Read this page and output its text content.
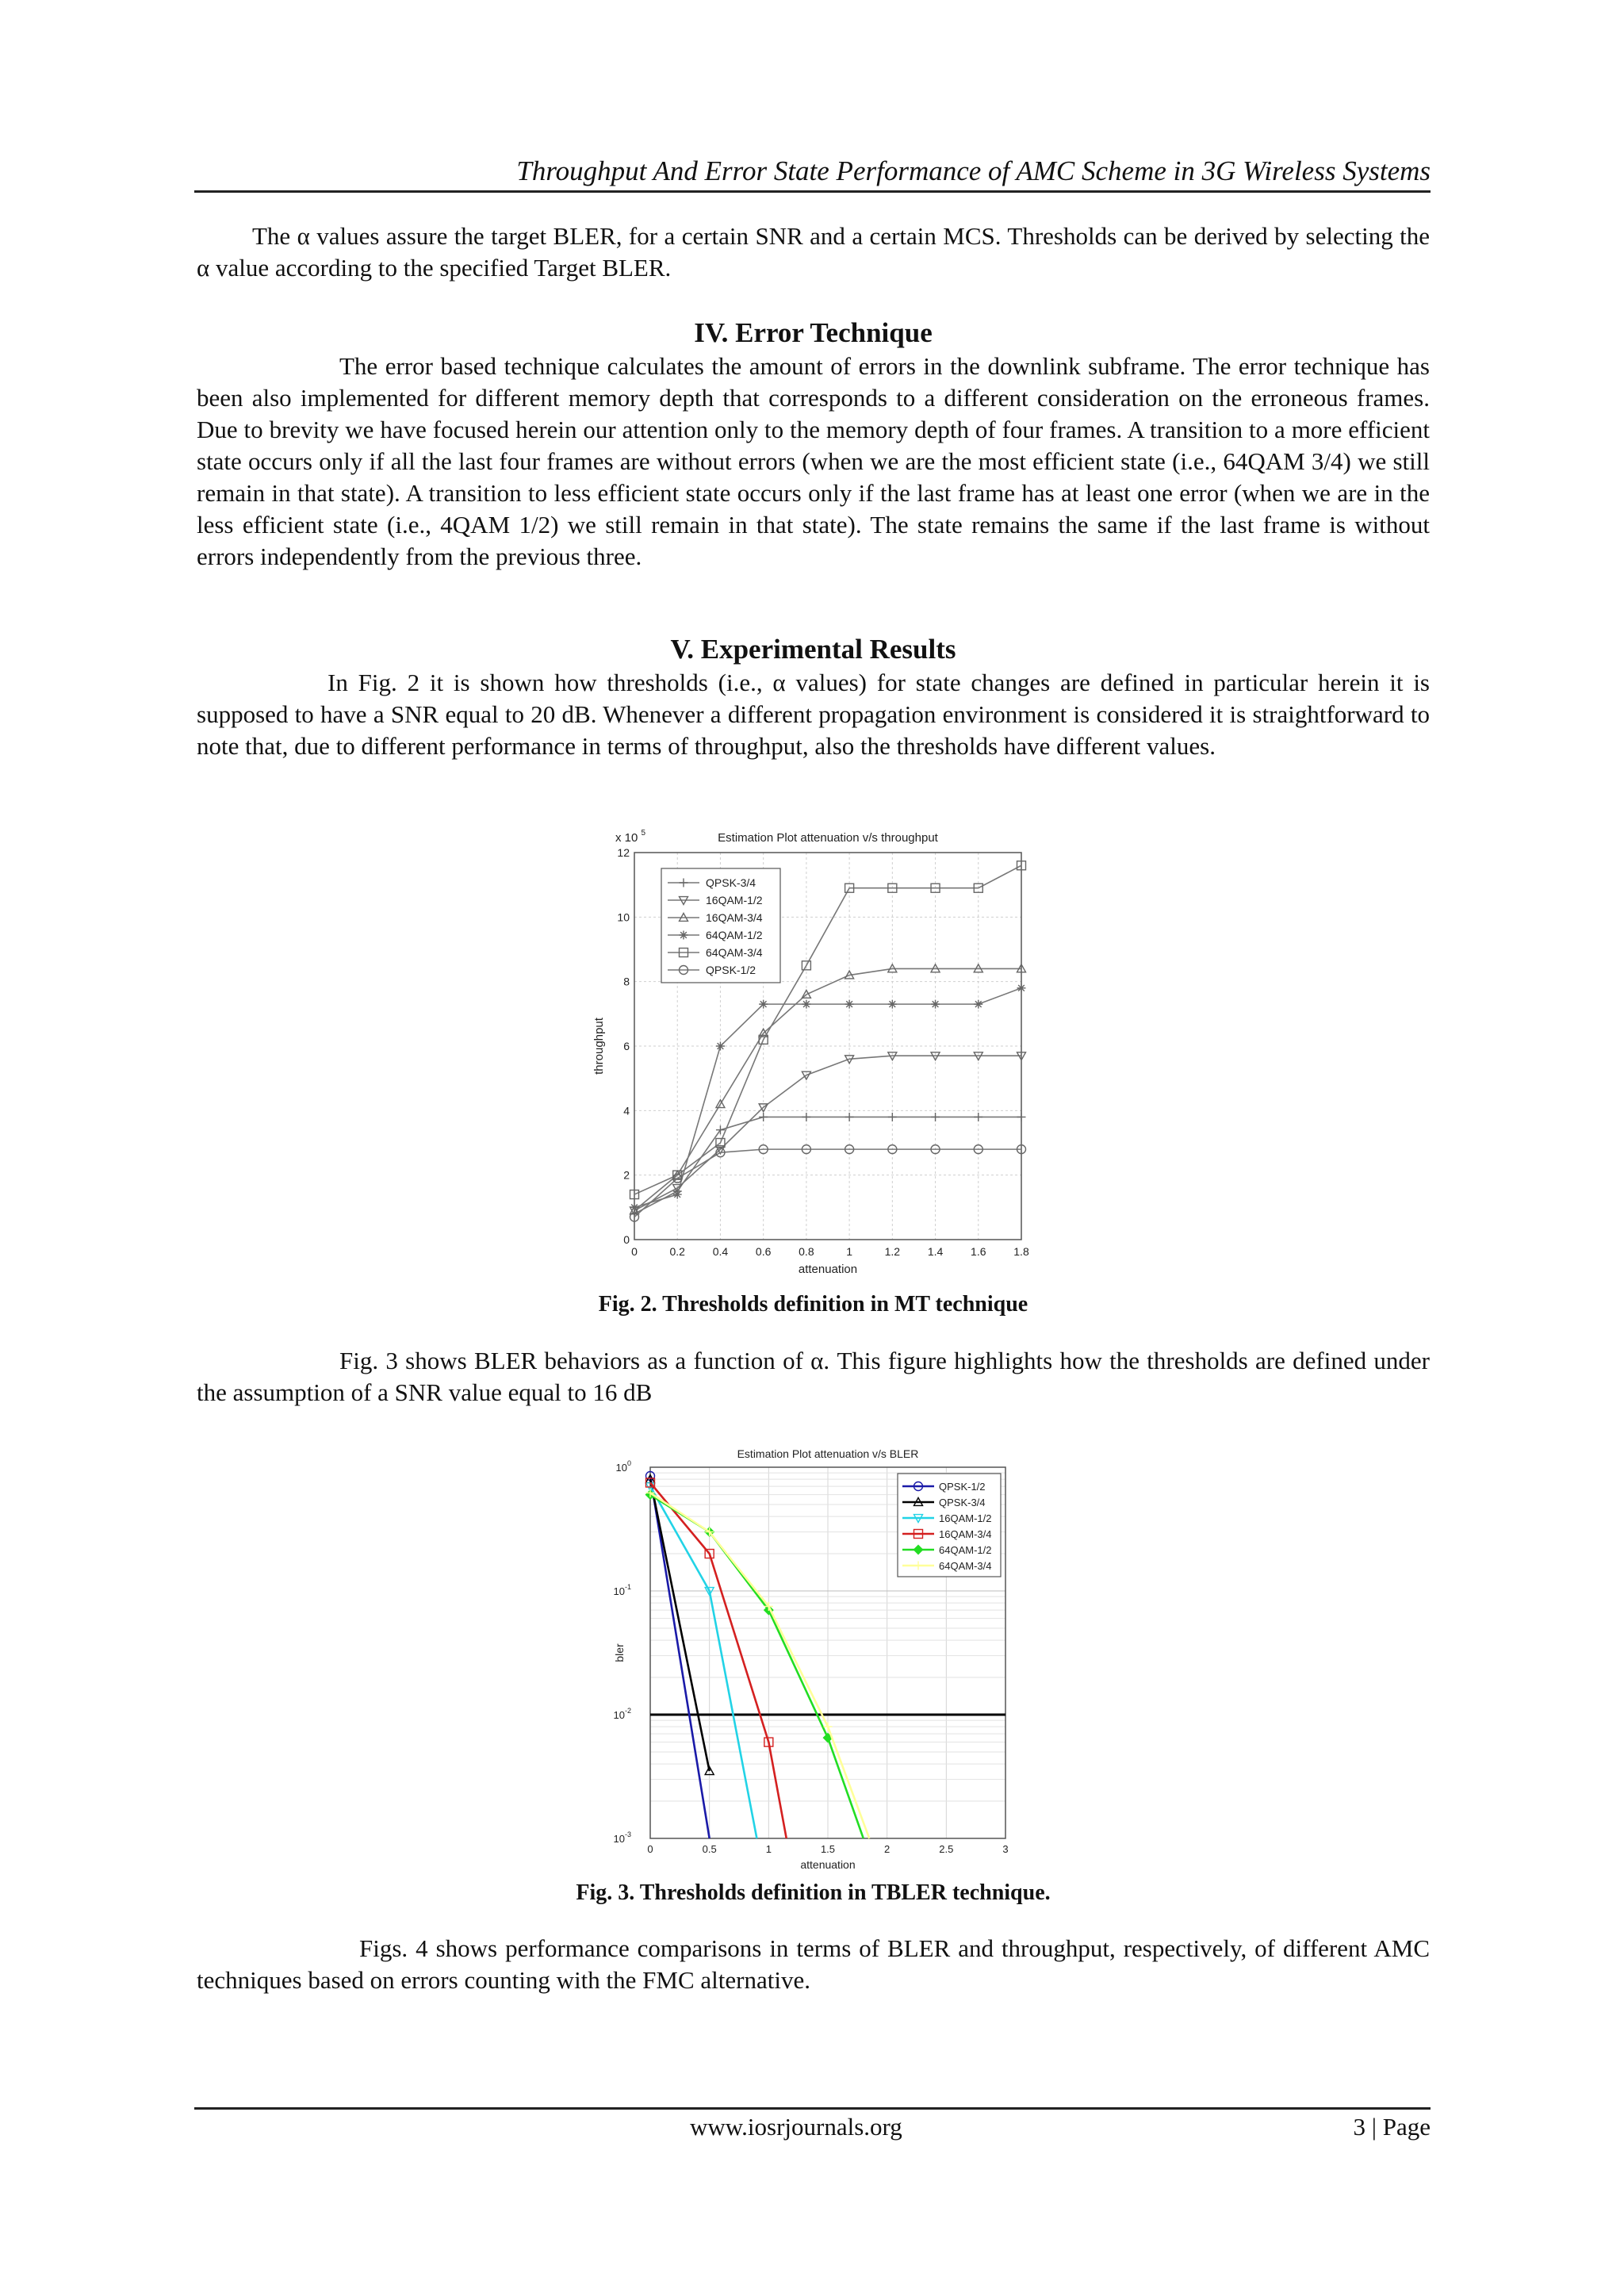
Throughput And Error State Performance of AMC Scheme in 3G Wireless Systems

The α values assure the target BLER, for a certain SNR and a certain MCS. Thresholds can be derived by selecting the α value according to the specified Target BLER.

IV. Error Technique

The error based technique calculates the amount of errors in the downlink subframe. The error technique has been also implemented for different memory depth that corresponds to a different consideration on the erroneous frames. Due to brevity we have focused herein our attention only to the memory depth of four frames. A transition to a more efficient state occurs only if all the last four frames are without errors (when we are the most efficient state (i.e., 64QAM 3/4) we still remain in that state). A transition to less efficient state occurs only if the last frame has at least one error (when we are in the less efficient state (i.e., 4QAM 1/2) we still remain in that state). The state remains the same if the last frame is without errors independently from the previous three.

V. Experimental Results

In Fig. 2 it is shown how thresholds (i.e., α values) for state changes are defined in particular herein it is supposed to have a SNR equal to 20 dB. Whenever a different propagation environment is considered it is straightforward to note that, due to different performance in terms of throughput, also the thresholds have different values.

0	0.2 0.4 0.6 0.8	1	1.2 1.4 1.6 1.8
0
2
4
6
8
10
12
QPSK-3/4
16QAM-1/2
16QAM-3/4
64QAM-1/2
64QAM-3/4
QPSK-1/2
Estimation Plot attenuation v/s throughput
attenuation
throughput
x 10 $^5$

Fig. 2. Thresholds definition in MT technique

Fig. 3 shows BLER behaviors as a function of α. This figure highlights how the thresholds are defined under the assumption of a SNR value equal to 16 dB

0	0.5	1	1.5	2	2.5	3
$10^0$
$10^{-1}$
$10^{-2}$
$10^{-3}$
QPSK-1/2
QPSK-3/4
16QAM-1/2
16QAM-3/4
64QAM-1/2
64QAM-3/4
Estimation Plot attenuation v/s BLER
attenuation
bler

Fig. 3. Thresholds definition in TBLER technique.

Figs. 4 shows performance comparisons in terms of BLER and throughput, respectively, of different AMC techniques based on errors counting with the FMC alternative.

www.iosrjournals.org	3 | Page
